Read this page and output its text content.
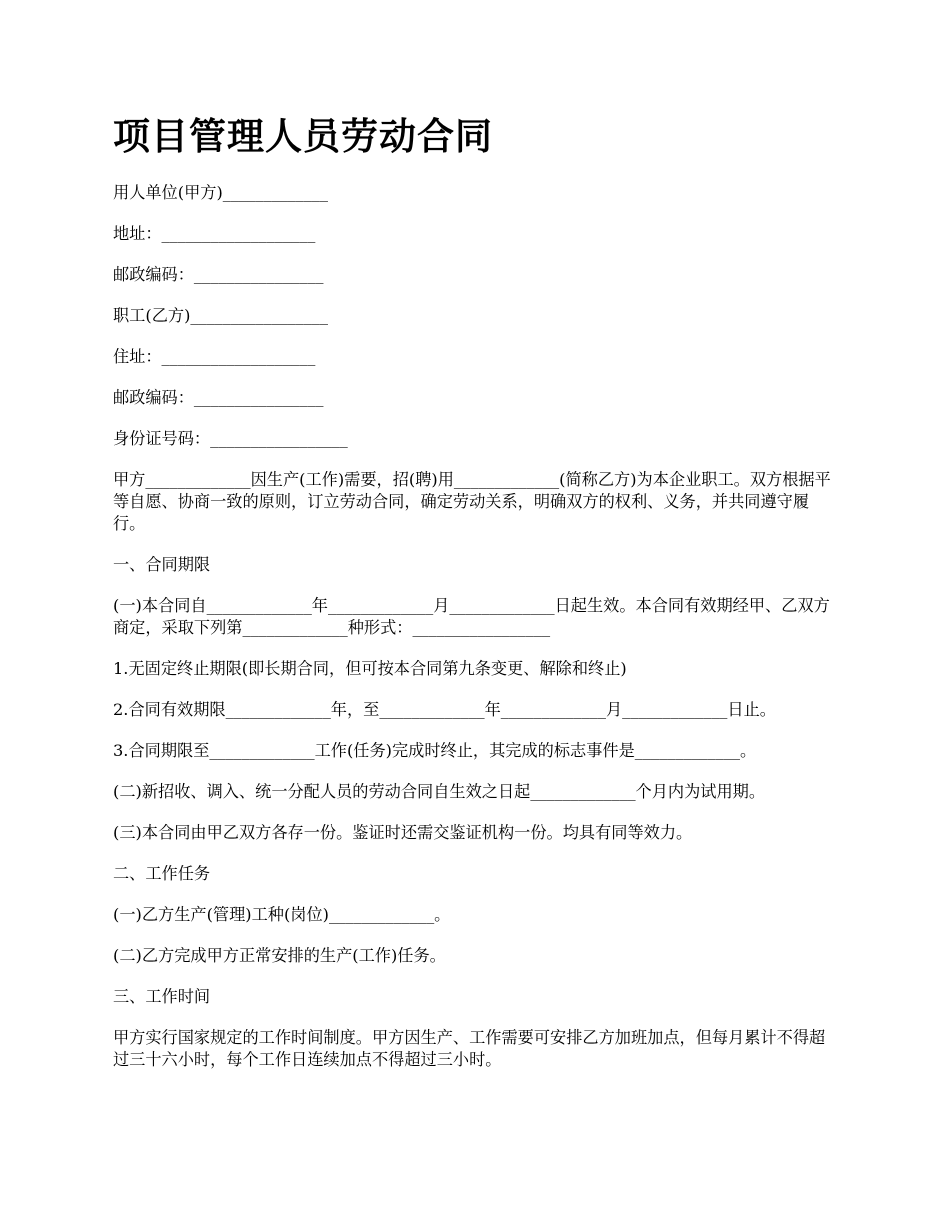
项目管理人员劳动合同

用人单位(甲方)_____________

地址：___________________

邮政编码：________________

职工(乙方)_________________

住址：___________________

邮政编码：________________

身份证号码：_________________

甲方_____________因生产(工作)需要，招(聘)用_____________(简称乙方)为本企业职工。双方根据平等自愿、协商一致的原则，订立劳动合同，确定劳动关系，明确双方的权利、义务，并共同遵守履行。

一、合同期限

(一)本合同自_____________年_____________月_____________日起生效。本合同有效期经甲、乙双方商定，采取下列第_____________种形式：_________________

1.无固定终止期限(即长期合同，但可按本合同第九条变更、解除和终止)

2.合同有效期限_____________年，至_____________年_____________月_____________日止。

3.合同期限至_____________工作(任务)完成时终止，其完成的标志事件是_____________。

(二)新招收、调入、统一分配人员的劳动合同自生效之日起_____________个月内为试用期。

(三)本合同由甲乙双方各存一份。鉴证时还需交鉴证机构一份。均具有同等效力。

二、工作任务

(一)乙方生产(管理)工种(岗位)_____________。

(二)乙方完成甲方正常安排的生产(工作)任务。

三、工作时间

甲方实行国家规定的工作时间制度。甲方因生产、工作需要可安排乙方加班加点，但每月累计不得超过三十六小时，每个工作日连续加点不得超过三小时。
